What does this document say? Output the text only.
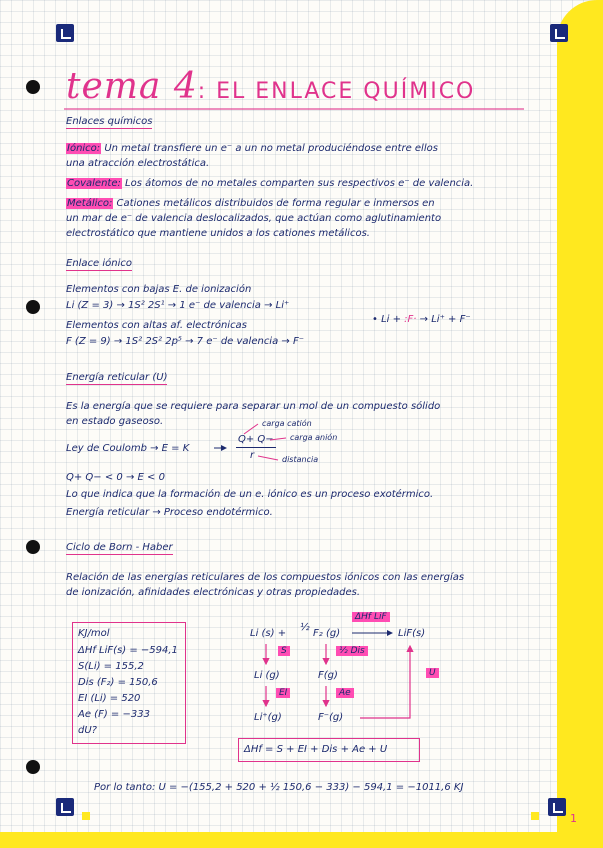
tema 4: EL ENLACE QUÍMICO
Enlaces químicos
Iónico: Un metal transfiere un e⁻ a un no metal produciéndose entre ellos
una atracción electrostática.
Covalente: Los átomos de no metales comparten sus respectivos e⁻ de valencia.
Metálico: Cationes metálicos distribuidos de forma regular e inmersos en
un mar de e⁻ de valencia deslocalizados, que actúan como aglutinamiento
electrostático que mantiene unidos a los cationes metálicos.
Enlace iónico
Elementos con bajas E. de ionización
Li (Z = 3) → 1S² 2S¹ → 1 e⁻ de valencia → Li⁺
Elementos con altas af. electrónicas
F (Z = 9) → 1S² 2S² 2p⁵ → 7 e⁻ de valencia → F⁻
• Li + :F· → Li⁺ + F⁻
Energía reticular (U)
Es la energía que se requiere para separar un mol de un compuesto sólido
en estado gaseoso.
Ley de Coulomb → E = K
Q+ Q−
r
carga catión
carga anión
distancia
Q+ Q− < 0 → E < 0
Lo que indica que la formación de un e. iónico es un proceso exotérmico.
Energía reticular → Proceso endotérmico.
Ciclo de Born - Haber
Relación de las energías reticulares de los compuestos iónicos con las energías
de ionización, afinidades electrónicas y otras propiedades.
KJ/mol
ΔHf LiF(s) = −594,1
S(Li) = 155,2
Dis (F₂) = 150,6
EI (Li) = 520
Ae (F) = −333
dU?
ΔHf LiF
Li (s) +
½
F₂ (g)	LiF(s)
S	½ Dis
Li (g)	F(g)	U
EI	Ae
Li⁺(g)	F⁻(g)
ΔHf = S + EI + Dis + Ae + U
Por lo tanto: U = −(155,2 + 520 + ½ 150,6 − 333) − 594,1 = −1011,6 KJ
1
